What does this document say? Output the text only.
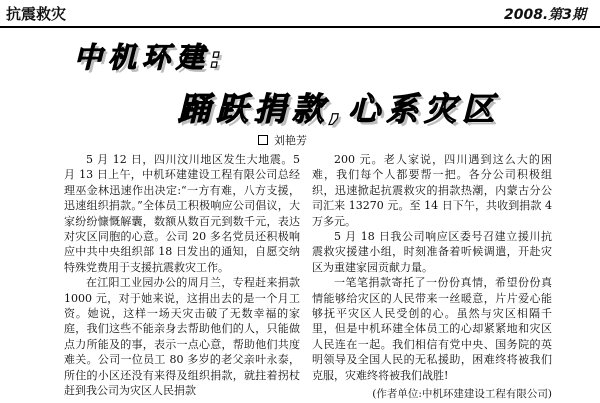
抗震救灾	2008.第3期
中机环建:
踊跃捐款,心系灾区
刘艳芳

5 月 12 日，四川汶川地区发生大地震。5 月 13 日上午，中机环建建设工程有限公司总经理巫金林迅速作出决定:“一方有难，八方支援，迅速组织捐款。”全体员工积极响应公司倡议，大家纷纷慷慨解囊，数额从数百元到数千元，表达对灾区同胞的心意。公司 20 多名党员还积极响应中共中央组织部 18 日发出的通知，自愿交纳特殊党费用于支援抗震救灾工作。

在江阳工业园办公的周月兰，专程赶来捐款 1000 元，对于她来说，这捐出去的是一个月工资。她说，这样一场天灾击破了无数幸福的家庭，我们这些不能亲身去帮助他们的人，只能做点力所能及的事，表示一点心意，帮助他们共度难关。公司一位员工 80 多岁的老父亲叶永泰，所住的小区还没有来得及组织捐款，就拄着拐杖赶到我公司为灾区人民捐款

200 元。老人家说，四川遇到这么大的困难，我们每个人都要帮一把。各分公司积极组织，迅速掀起抗震救灾的捐款热潮，内蒙古分公司汇来 13270 元。至 14 日下午，共收到捐款 4 万多元。

5 月 18 日我公司响应区委号召建立援川抗震救灾援建小组，时刻准备着听候调遣，开赴灾区为重建家园贡献力量。

一笔笔捐款寄托了一份份真情，希望份份真情能够给灾区的人民带来一丝暖意，片片爱心能够抚平灾区人民受创的心。虽然与灾区相隔千里，但是中机环建全体员工的心却紧紧地和灾区人民连在一起。我们相信有党中央、国务院的英明领导及全国人民的无私援助，困难终将被我们克服，灾难终将被我们战胜!

(作者单位:中机环建建设工程有限公司)
